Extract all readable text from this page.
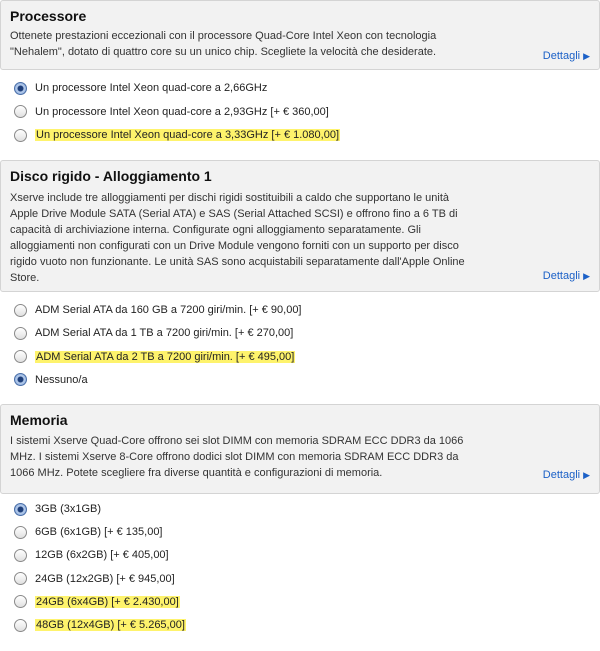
Processore
Ottenete prestazioni eccezionali con il processore Quad-Core Intel Xeon con tecnologia "Nehalem", dotato di quattro core su un unico chip. Scegliete la velocità che desiderate.	Dettagli ▶
Un processore Intel Xeon quad-core a 2,66GHz
Un processore Intel Xeon quad-core a 2,93GHz [+ € 360,00]
Un processore Intel Xeon quad-core a 3,33GHz [+ € 1.080,00]
Disco rigido - Alloggiamento 1
Xserve include tre alloggiamenti per dischi rigidi sostituibili a caldo che supportano le unità Apple Drive Module SATA (Serial ATA) e SAS (Serial Attached SCSI) e offrono fino a 6 TB di capacità di archiviazione interna. Configurate ogni alloggiamento separatamente. Gli alloggiamenti non configurati con un Drive Module vengono forniti con un supporto per disco rigido vuoto non funzionante. Le unità SAS sono acquistabili separatamente dall'Apple Online Store.	Dettagli ▶
ADM Serial ATA da 160 GB a 7200 giri/min. [+ € 90,00]
ADM Serial ATA da 1 TB a 7200 giri/min. [+ € 270,00]
ADM Serial ATA da 2 TB a 7200 giri/min. [+ € 495,00]
Nessuno/a
Memoria
I sistemi Xserve Quad-Core offrono sei slot DIMM con memoria SDRAM ECC DDR3 da 1066 MHz. I sistemi Xserve 8-Core offrono dodici slot DIMM con memoria SDRAM ECC DDR3 da 1066 MHz. Potete scegliere fra diverse quantità e configurazioni di memoria.	Dettagli ▶
3GB (3x1GB)
6GB (6x1GB) [+ € 135,00]
12GB (6x2GB) [+ € 405,00]
24GB (12x2GB) [+ € 945,00]
24GB (6x4GB) [+ € 2.430,00]
48GB (12x4GB) [+ € 5.265,00]
